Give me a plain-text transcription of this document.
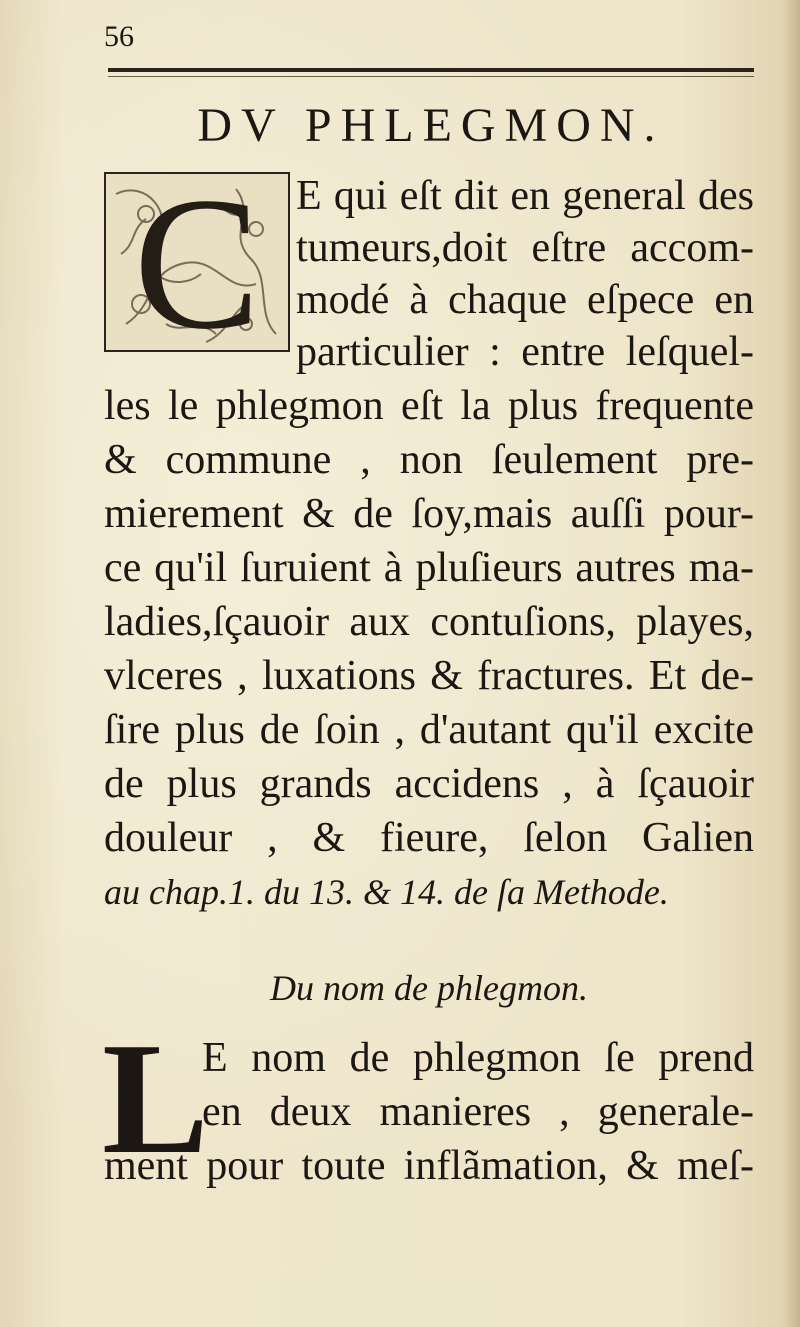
56
DV PHLEGMON.
C E qui eſt dit en general des
tumeurs,doit eſtre accom-
modé à chaque eſpece en
particulier : entre leſquel-
les le phlegmon eſt la plus frequente
& commune , non ſeulement pre-
mierement & de ſoy,mais auſſi pour-
ce qu'il ſuruient à pluſieurs autres ma-
ladies,ſçauoir aux contuſions, playes,
vlceres , luxations & fractures. Et de-
ſire plus de ſoin , d'autant qu'il excite
de plus grands accidens , à ſçauoir
douleur , & fieure, ſelon Galien
au chap.1. du 13. & 14. de ſa Methode.
Du nom de phlegmon.
L
E nom de phlegmon ſe prend
en deux manieres , generale-
ment pour toute inflãmation, & meſ-
